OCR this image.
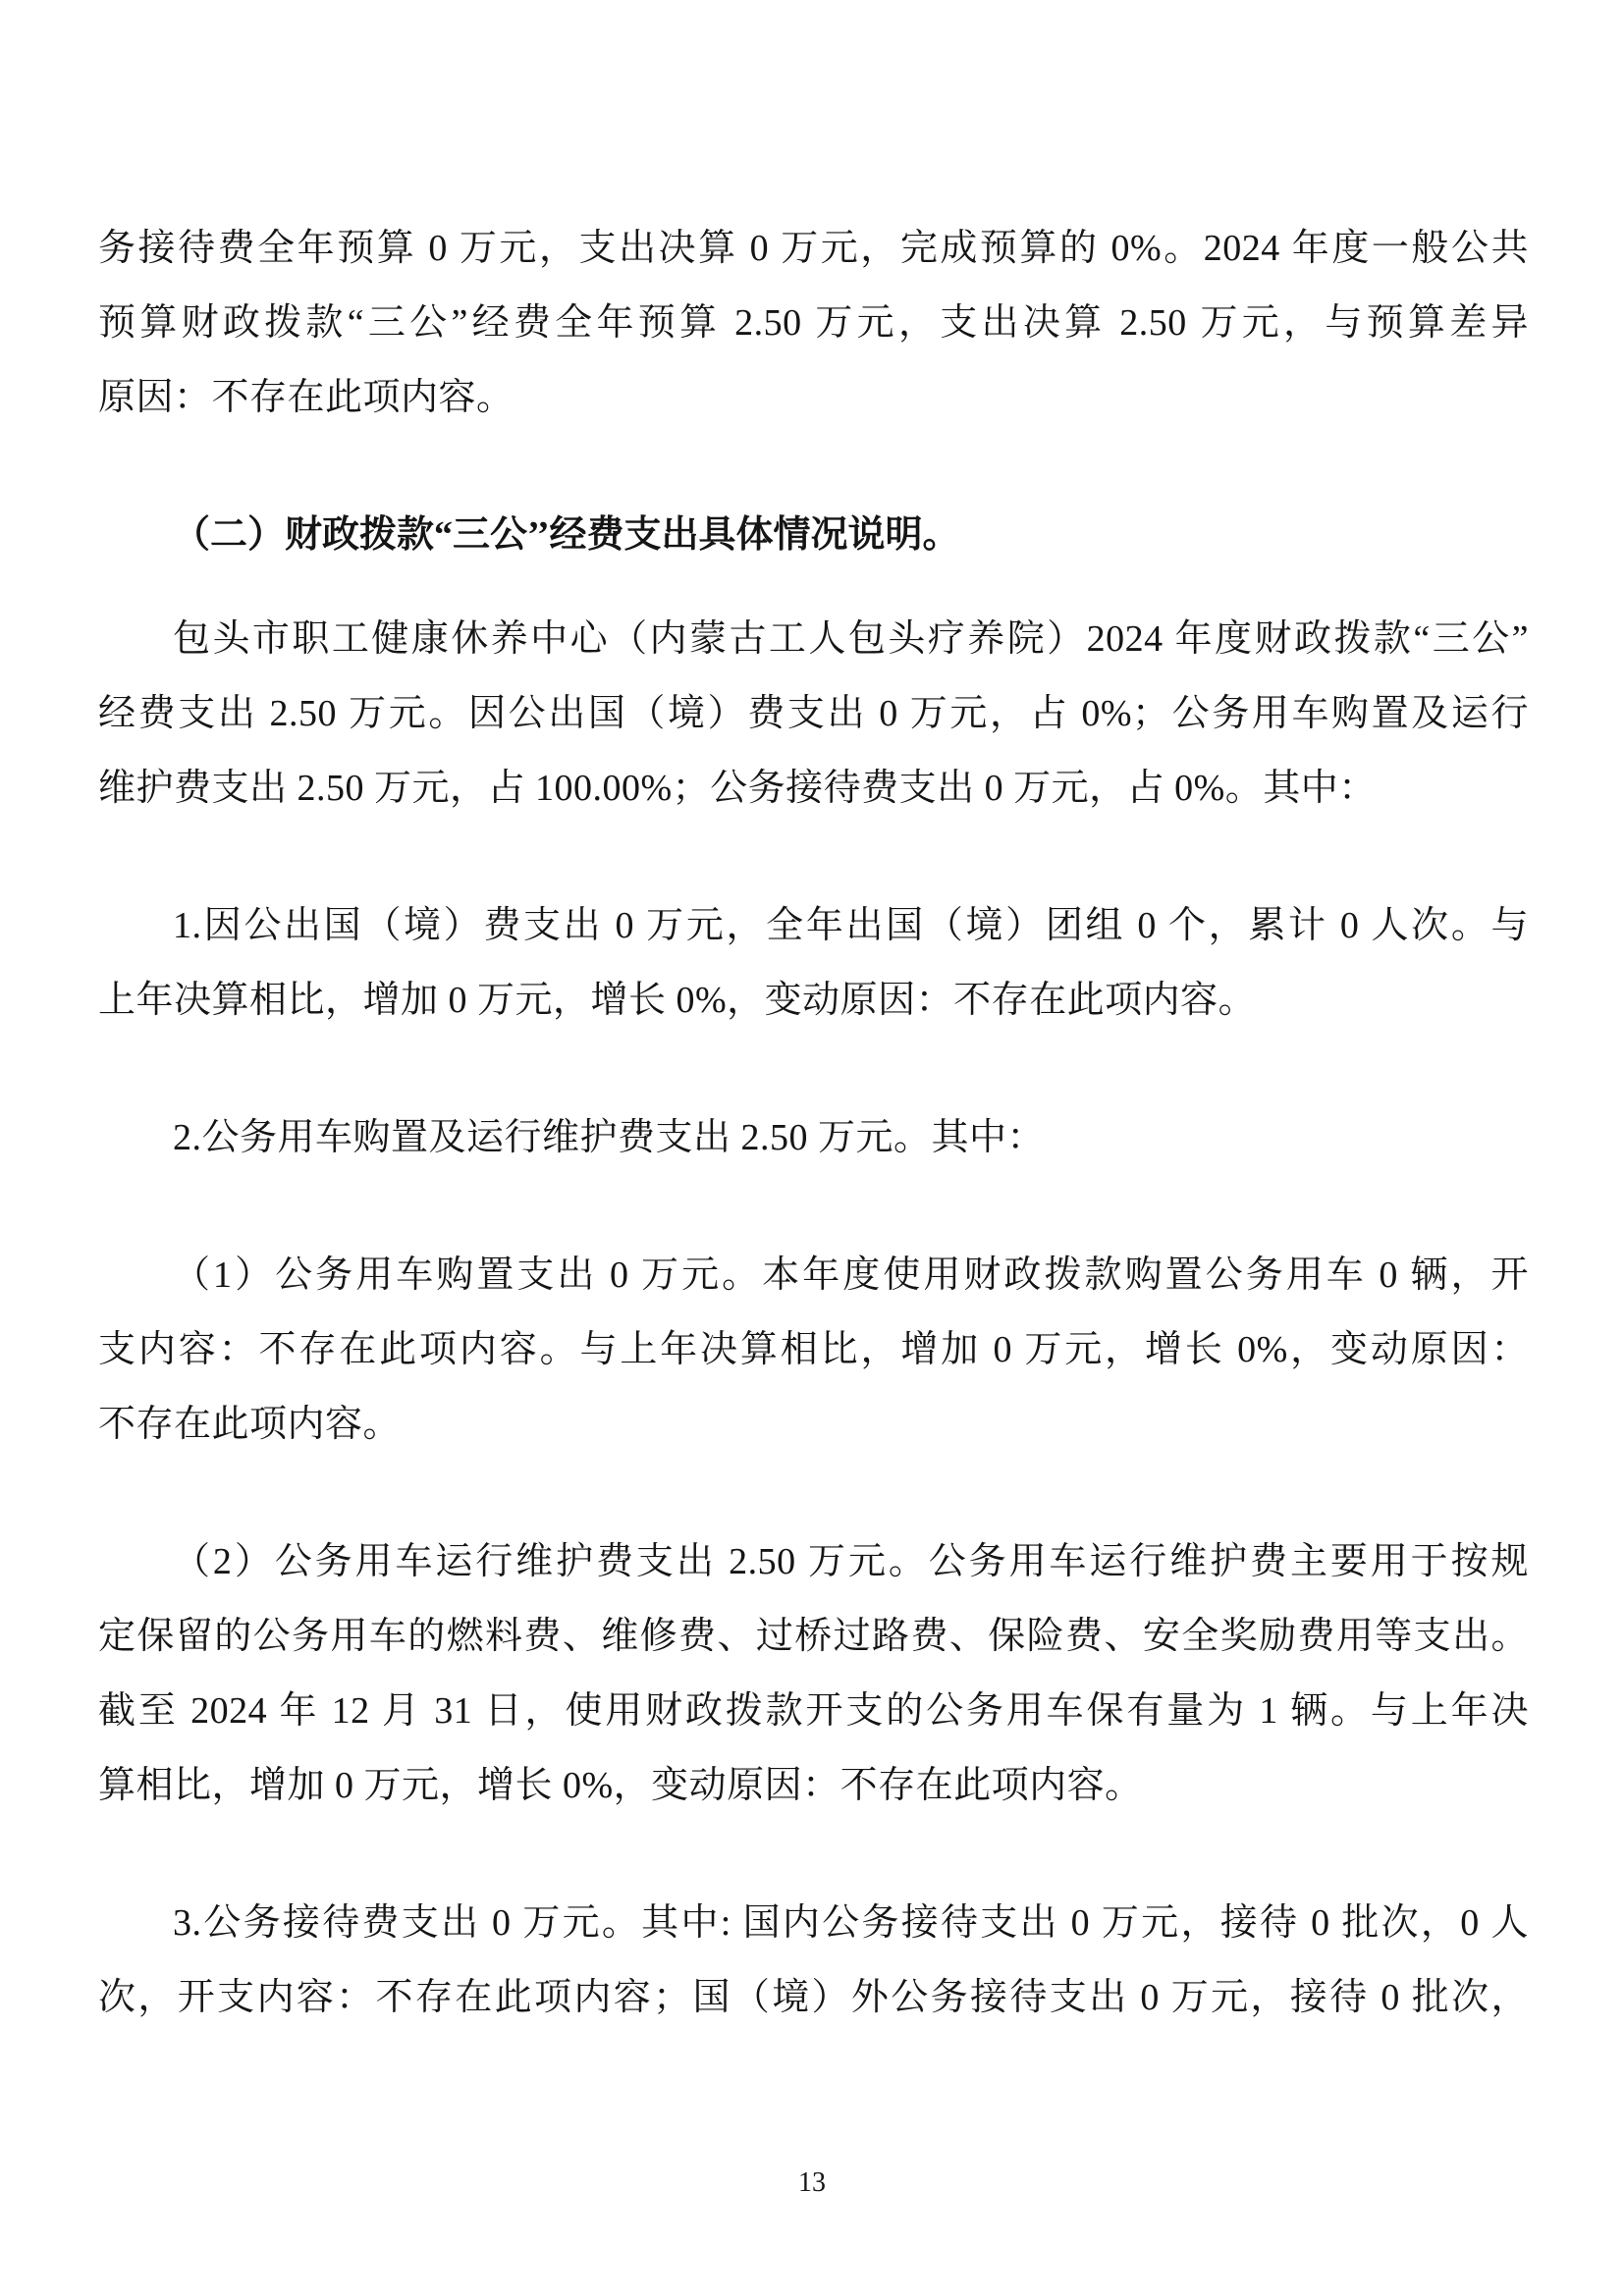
务接待费全年预算 0 万元，支出决算 0 万元，完成预算的 0%。2024 年度一般公共
预算财政拨款“三公”经费全年预算 2.50 万元，支出决算 2.50 万元，与预算差异
原因：不存在此项内容。

（二）财政拨款“三公’’经费支出具体情况说明。

包头市职工健康休养中心（内蒙古工人包头疗养院）2024 年度财政拨款“三公”
经费支出 2.50 万元。因公出国（境）费支出 0 万元，占 0%；公务用车购置及运行
维护费支出 2.50 万元，占 100.00%；公务接待费支出 0 万元，占 0%。其中：

1.因公出国（境）费支出 0 万元，全年出国（境）团组 0 个，累计 0 人次。与
上年决算相比，增加 0 万元，增长 0%，变动原因：不存在此项内容。

2.公务用车购置及运行维护费支出 2.50 万元。其中：

（1）公务用车购置支出 0 万元。本年度使用财政拨款购置公务用车 0 辆，开
支内容：不存在此项内容。与上年决算相比，增加 0 万元，增长 0%，变动原因：
不存在此项内容。

（2）公务用车运行维护费支出 2.50 万元。公务用车运行维护费主要用于按规
定保留的公务用车的燃料费、维修费、过桥过路费、保险费、安全奖励费用等支出。
截至 2024 年 12 月 31 日，使用财政拨款开支的公务用车保有量为 1 辆。与上年决
算相比，增加 0 万元，增长 0%，变动原因：不存在此项内容。

3.公务接待费支出 0 万元。其中: 国内公务接待支出 0 万元，接待 0 批次，0 人
次，开支内容：不存在此项内容；国（境）外公务接待支出 0 万元，接待 0 批次，

13
